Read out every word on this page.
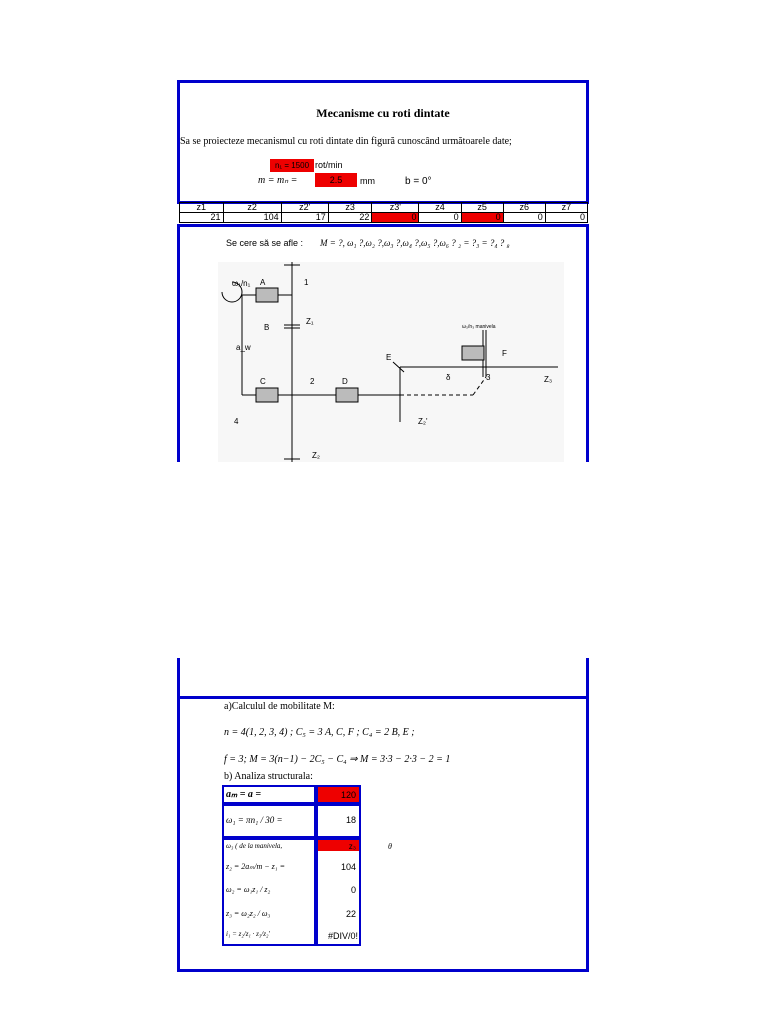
Mecanisme cu roti dintate
Sa se proiecteze mecanismul cu roti dintate din figură cunoscând următoarele date;
n₁ = 1500 rot/min
m = mₙ =	2.5	mm	b = 0°
z1	z2	z2'	z3	z3'	z4	z5	z6	z7
21	104	17	22	0	0	0	0	0
Se cere să se afle : M = ?, ω₁ ?,ω₂ ?,ω₃ ?,ω₄ ?,ω₅ ?,ω₆ ? ₂ = ?₃ = ?₄ ? ₈
ω₁/n₁ A	1
Z₁
B
a_w
C	2	D
E
ω₃/n₃ manivela
F
3	Z₃
δ
4	Z₂'
Z₂
a)Calculul de mobilitate M:
n = 4(1, 2, 3, 4) ; C₅ = 3 A, C, F ; C₄ = 2 B, E ;
f = 3; M = 3(n−1) − 2C₅ − C₄ ⇒ M = 3·3 − 2·3 − 2 = 1
b) Analiza structurala:
aₘ = a =	120
ω₁ = πn₁ / 30 =	18
ω₃ ( de la manivela,	z₃	θ
z₂ = 2aₘ/m − z₁ =	104
ω₂ = ω₁z₁ / z₂	0
z₃ = ω₂z₂ / ω₃	22
i₁ = z₂/z₁ · z₃/z₂'	#DIV/0!
